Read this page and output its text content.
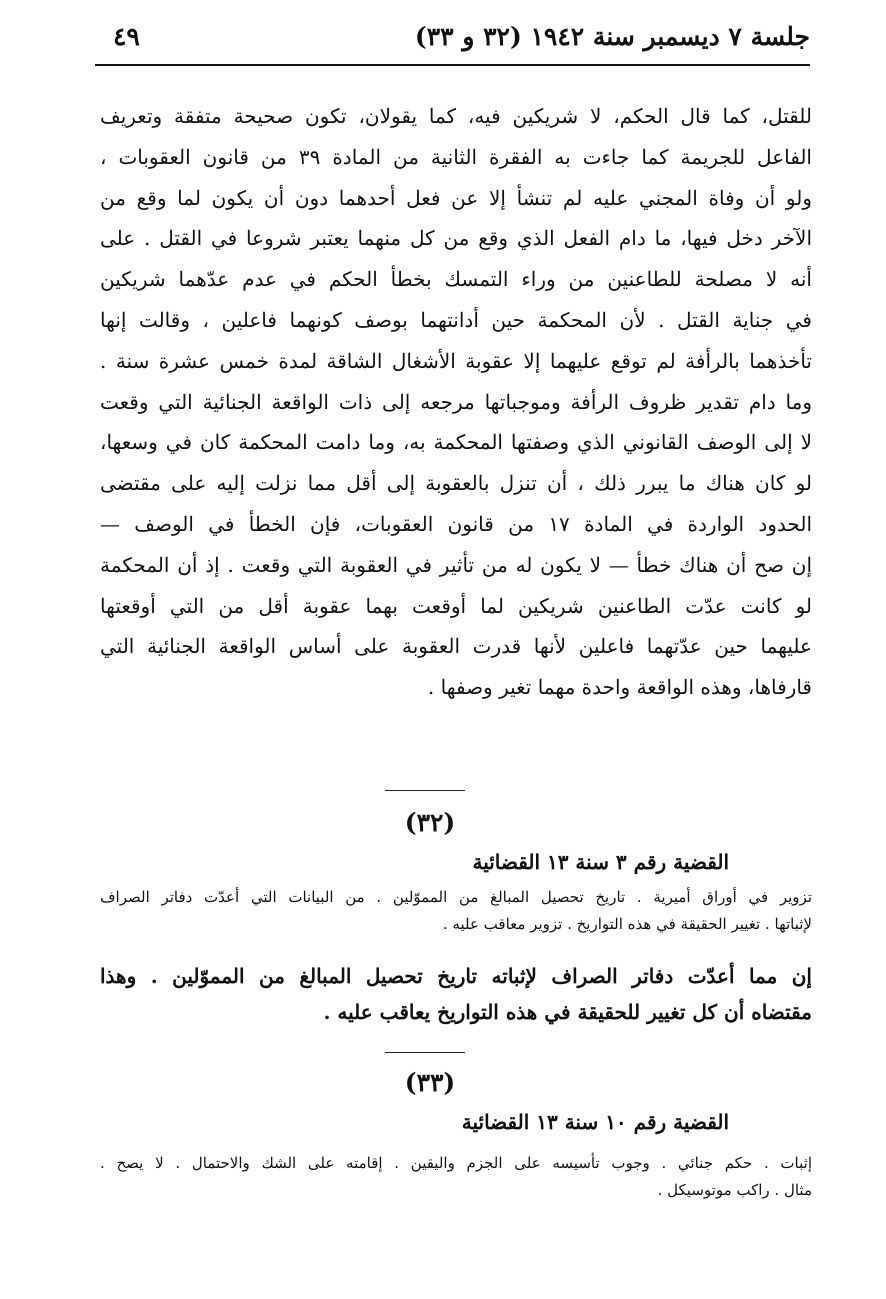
جلسة ٧ ديسمبر سنة ١٩٤٢ (٣٢ و ٣٣)
٤٩
للقتل، كما قال الحكم، لا شريكين فيه، كما يقولان، تكون صحيحة متفقة وتعريف
الفاعل للجريمة كما جاءت به الفقرة الثانية من المادة ٣٩ من قانون العقوبات ،
ولو أن وفاة المجني عليه لم تنشأ إلا عن فعل أحدهما دون أن يكون لما وقع من
الآخر دخل فيها، ما دام الفعل الذي وقع من كل منهما يعتبر شروعا في القتل . على
أنه لا مصلحة للطاعنين من وراء التمسك بخطأ الحكم في عدم عدّهما شريكين
في جناية القتل . لأن المحكمة حين أدانتهما بوصف كونهما فاعلين ، وقالت إنها
تأخذهما بالرأفة لم توقع عليهما إلا عقوبة الأشغال الشاقة لمدة خمس عشرة سنة .
وما دام تقدير ظروف الرأفة وموجباتها مرجعه إلى ذات الواقعة الجنائية التي وقعت
لا إلى الوصف القانوني الذي وصفتها المحكمة به، وما دامت المحكمة كان في وسعها،
لو كان هناك ما يبرر ذلك ، أن تنزل بالعقوبة إلى أقل مما نزلت إليه على مقتضى
الحدود الواردة في المادة ١٧ من قانون العقوبات، فإن الخطأ في الوصف —
إن صح أن هناك خطأ — لا يكون له من تأثير في العقوبة التي وقعت . إذ أن المحكمة
لو كانت عدّت الطاعنين شريكين لما أوقعت بهما عقوبة أقل من التي أوقعتها
عليهما حين عدّتهما فاعلين لأنها قدرت العقوبة على أساس الواقعة الجنائية التي
قارفاها، وهذه الواقعة واحدة مهما تغير وصفها .
(٣٢)
القضية رقم ٣ سنة ١٣ القضائية
تزوير في أوراق أميرية . تاريخ تحصيل المبالغ من المموّلين . من البيانات التي أعدّت دفاتر الصراف
لإثباتها . تغيير الحقيقة في هذه التواريخ . تزوير معاقب عليه .
إن مما أعدّت دفاتر الصراف لإثباته تاريخ تحصيل المبالغ من المموّلين . وهذا
مقتضاه أن كل تغيير للحقيقة في هذه التواريخ يعاقب عليه .
(٣٣)
القضية رقم ١٠ سنة ١٣ القضائية
إثبات . حكم جنائي . وجوب تأسيسه على الجزم واليقين . إقامته على الشك والاحتمال . لا يصح .
مثال . راكب موتوسيكل .
